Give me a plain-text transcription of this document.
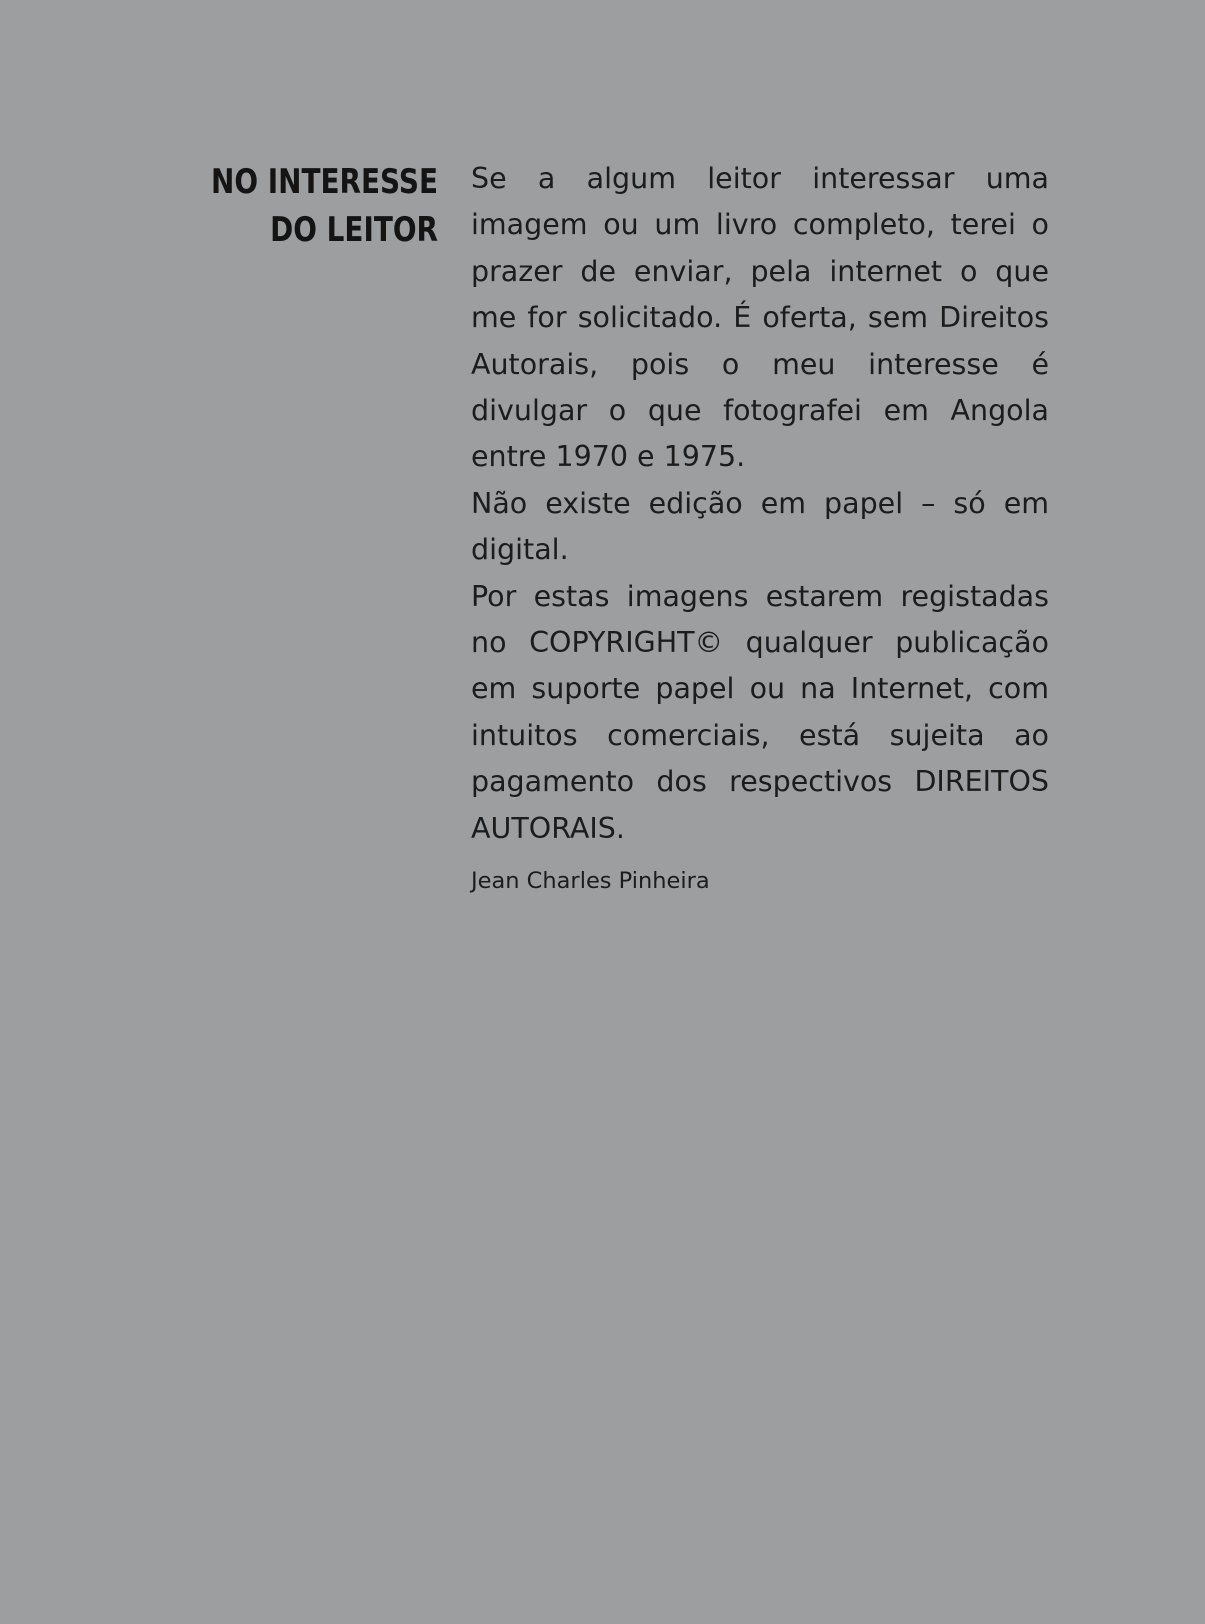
NO INTERESSE
DO LEITOR

Se a algum leitor interessar uma imagem ou um livro completo, terei o prazer de enviar, pela internet o que me for solicitado. É oferta, sem Direitos Autorais, pois o meu interesse é divulgar o que fotografei em Angola entre 1970 e 1975.

Não existe edição em papel – só em digital.

Por estas imagens estarem registadas no COPYRIGHT© qualquer publicação em suporte papel ou na Internet, com intuitos comerciais, está sujeita ao pagamento dos respectivos DIREITOS AUTORAIS.

Jean Charles Pinheira
